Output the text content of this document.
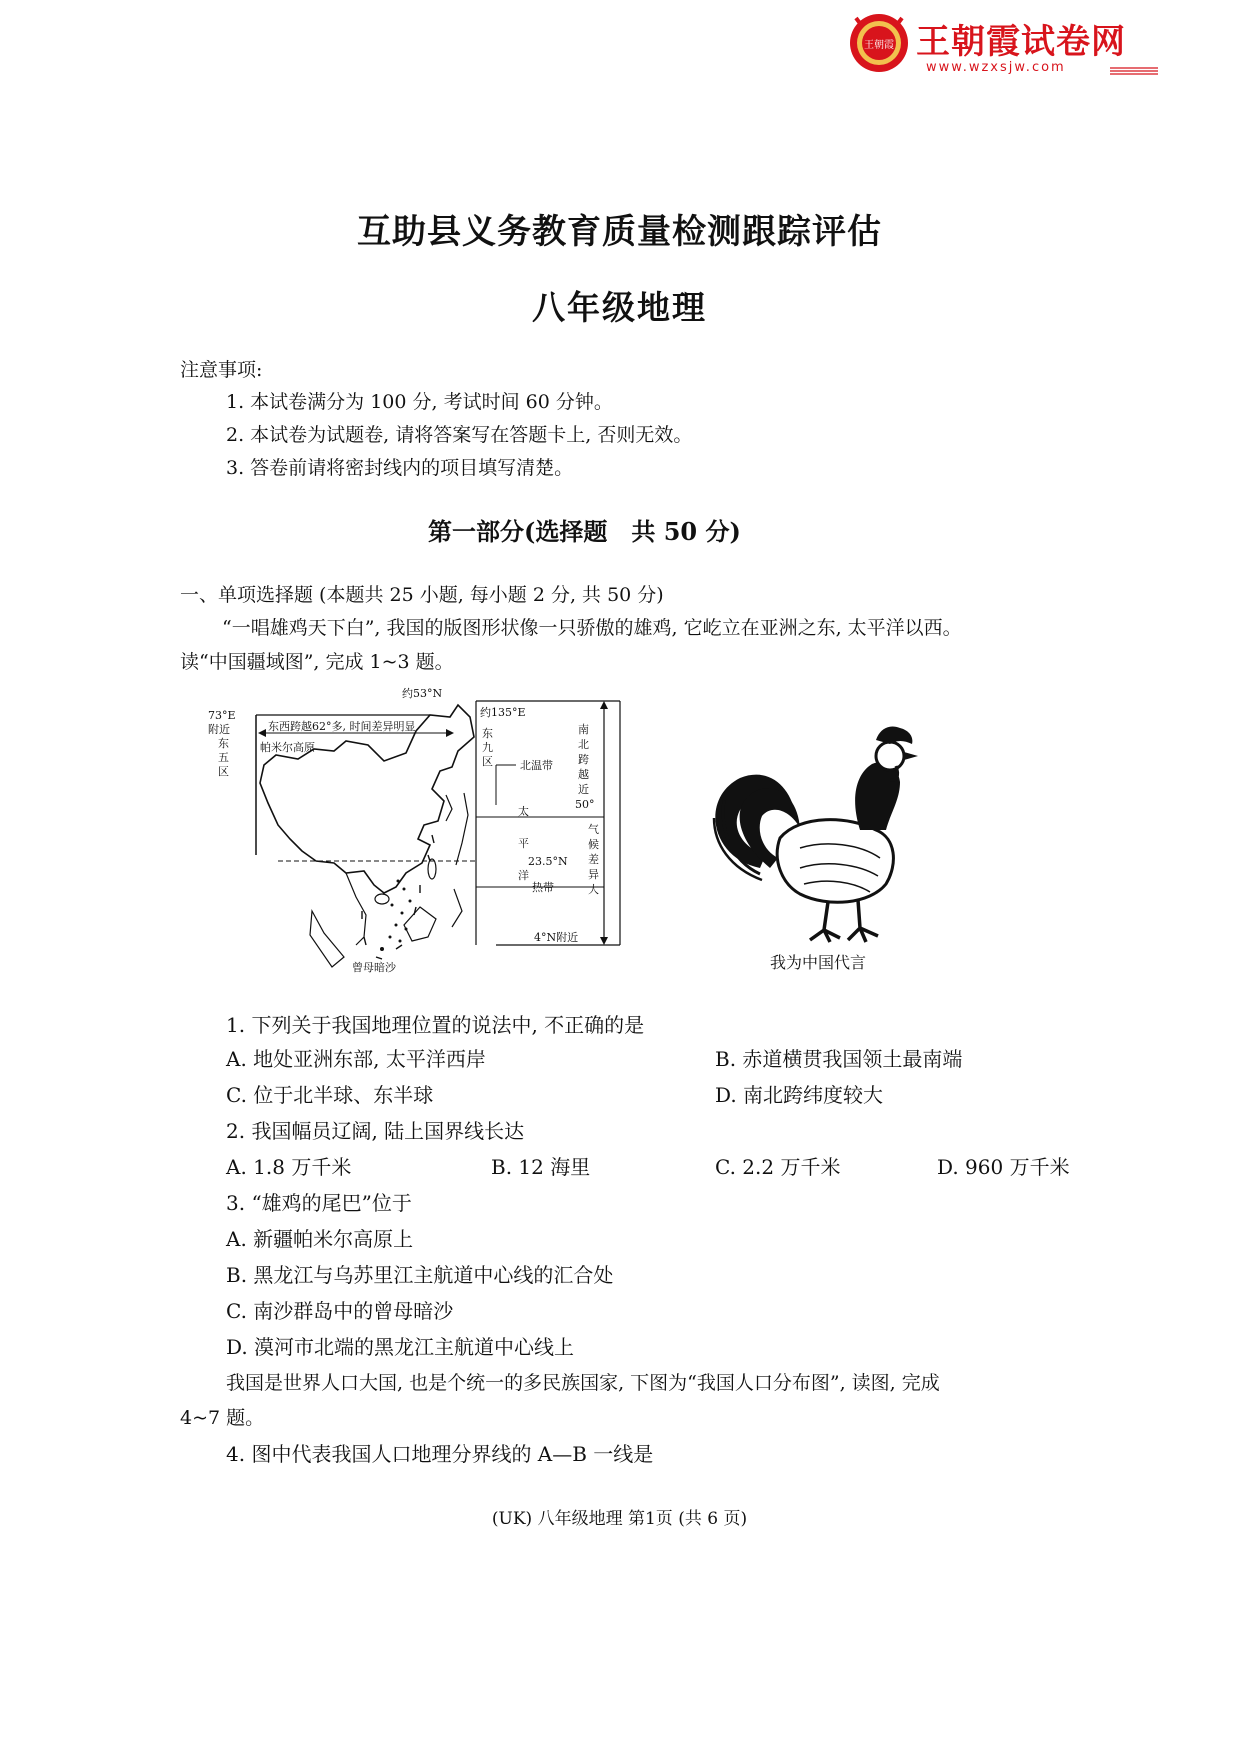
王朝霞 王朝霞试卷网
www.wzxsjw.com
互助县义务教育质量检测跟踪评估
八年级地理
注意事项:
1. 本试卷满分为 100 分, 考试时间 60 分钟。
2. 本试卷为试题卷, 请将答案写在答题卡上, 否则无效。
3. 答卷前请将密封线内的项目填写清楚。
第一部分(选择题　共 50 分)
一、单项选择题 (本题共 25 小题, 每小题 2 分, 共 50 分)
“一唱雄鸡天下白”, 我国的版图形状像一只骄傲的雄鸡, 它屹立在亚洲之东, 太平洋以西。
读“中国疆域图”, 完成 1~3 题。
约53°N
约135°E
73°E
附近
东
五
区
东
九
区
东西跨越62°多, 时间差异明显
帕米尔高原
北温带
太
平
洋
23.5°N
热带
4°N附近
曾母暗沙
南
北
跨
越
近
50°
气
候
差
异
大
我为中国代言
1. 下列关于我国地理位置的说法中, 不正确的是
A. 地处亚洲东部, 太平洋西岸	B. 赤道横贯我国领土最南端
C. 位于北半球、东半球	D. 南北跨纬度较大
2. 我国幅员辽阔, 陆上国界线长达
A. 1.8 万千米	B. 12 海里	C. 2.2 万千米	D. 960 万千米
3. “雄鸡的尾巴”位于
A. 新疆帕米尔高原上
B. 黑龙江与乌苏里江主航道中心线的汇合处
C. 南沙群岛中的曾母暗沙
D. 漠河市北端的黑龙江主航道中心线上
我国是世界人口大国, 也是个统一的多民族国家, 下图为“我国人口分布图”, 读图, 完成
4~7 题。
4. 图中代表我国人口地理分界线的 A—B 一线是
(UK) 八年级地理 第1页 (共 6 页)
